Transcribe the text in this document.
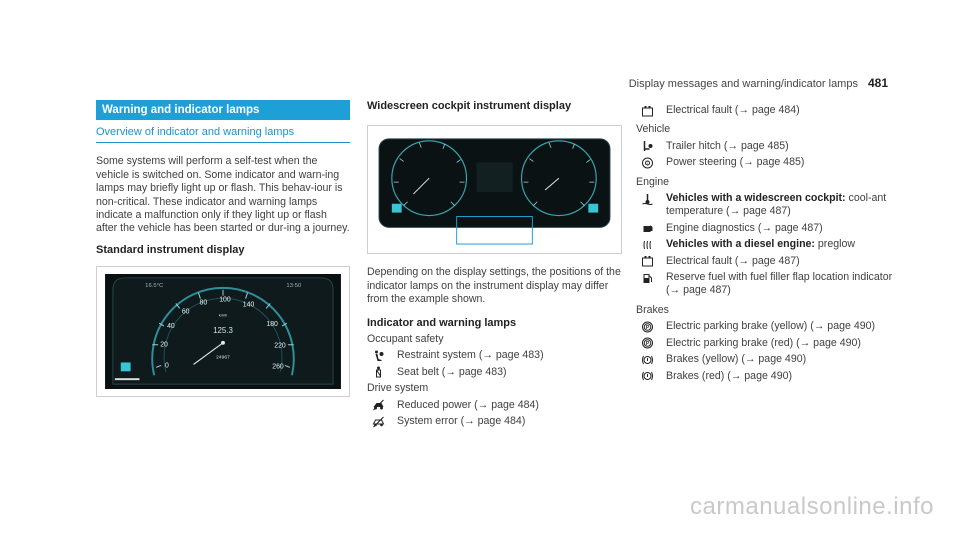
Display messages and warning/indicator lamps 481
Warning and indicator lamps
Overview of indicator and warning lamps

Some systems will perform a self-test when the vehicle is switched on. Some indicator and warn-ing lamps may briefly light up or flash. This behav-iour is non-critical. These indicator and warning lamps indicate a malfunction only if they light up or flash after the vehicle has been started or dur-ing a journey.

Standard instrument display
0
20
40
60
80 100
140
180
220
260
km/h
125.3
24967
16.5°C	13:50
Widescreen cockpit instrument display

Depending on the display settings, the positions of the indicator lamps on the instrument display may differ from the example shown.

Indicator and warning lamps
Occupant safety
Restraint system (→ page 483)
Seat belt (→ page 483)
Drive system
Reduced power (→ page 484)
System error (→ page 484)
Electrical fault (→ page 484)
Vehicle
Trailer hitch (→ page 485)
! Power steering (→ page 485)
Engine
Vehicles with a widescreen cockpit: cool-ant temperature (→ page 487)
Engine diagnostics (→ page 487)
Vehicles with a diesel engine: preglow
Electrical fault (→ page 487)
Reserve fuel with fuel filler flap location indicator (→ page 487)
Brakes
P Electric parking brake (yellow) (→ page 490)
P Electric parking brake (red) (→ page 490)
Brakes (yellow) (→ page 490)
Brakes (red) (→ page 490)
carmanualsonline.info
